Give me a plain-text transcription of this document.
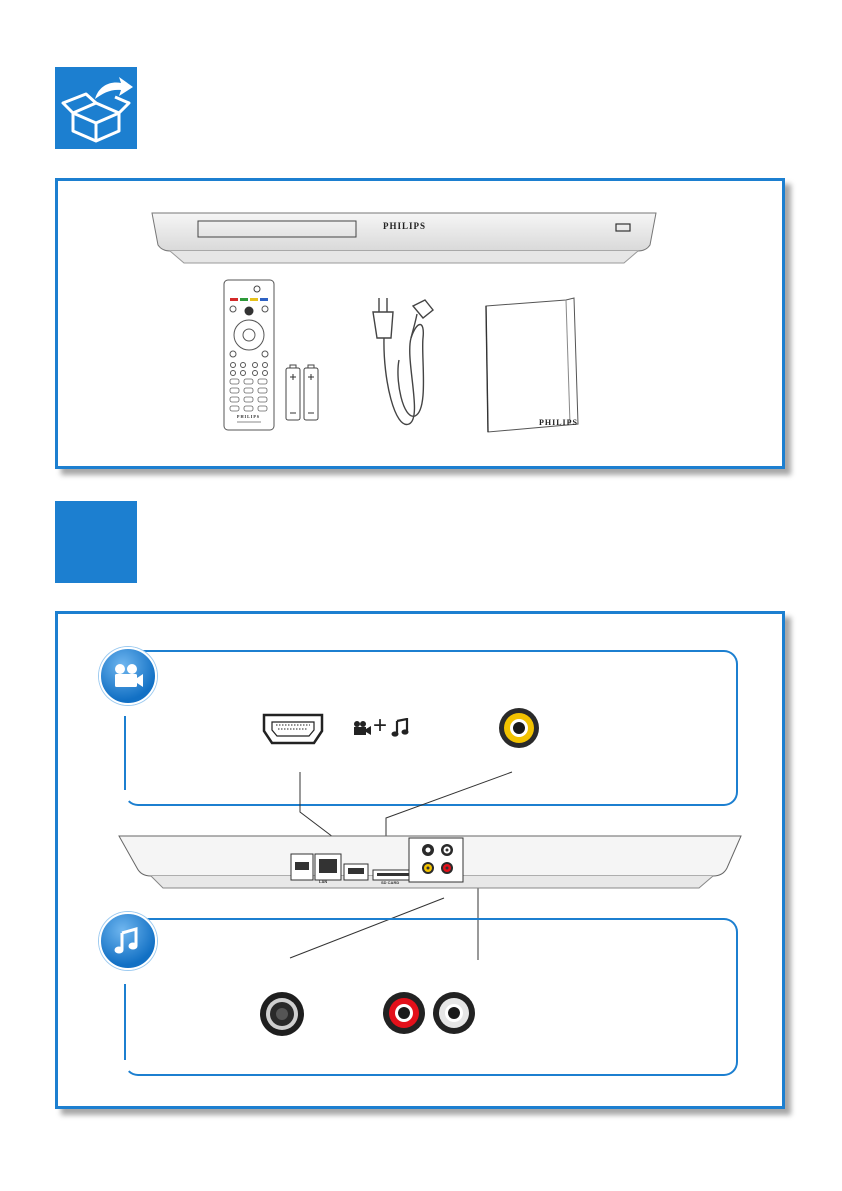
PHILIPS
PHILIPS
PHILIPS
+
LAN	SD CARD
